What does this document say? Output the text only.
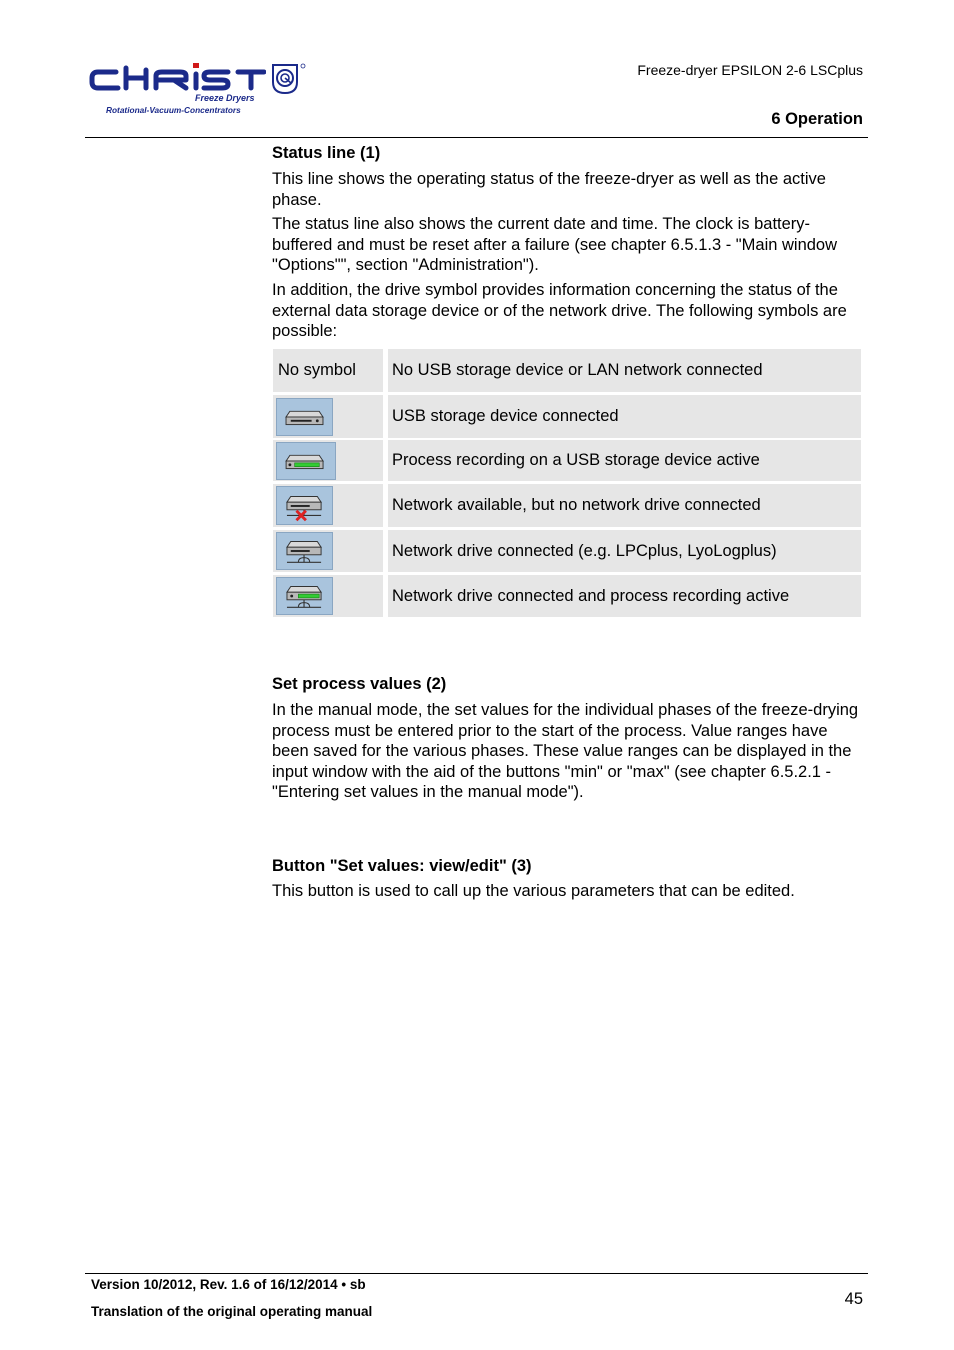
Freeze Dryers
Rotational-Vacuum-Concentrators
Freeze-dryer EPSILON 2-6 LSCplus
6 Operation
Status line (1)

This line shows the operating status of the freeze-dryer as well as the active phase.

The status line also shows the current date and time. The clock is battery-buffered and must be reset after a failure (see chapter 6.5.1.3 - "Main window "Options"", section "Administration").

In addition, the drive symbol provides information concerning the status of the external data storage device or of the network drive. The following symbols are possible:

No symbol No USB storage device or LAN network connected
USB storage device connected
Process recording on a USB storage device active
Network available, but no network drive connected
Network drive connected (e.g. LPCplus, LyoLogplus)
Network drive connected and process recording active
Set process values (2)

In the manual mode, the set values for the individual phases of the freeze-drying process must be entered prior to the start of the process. Value ranges have been saved for the various phases. These value ranges can be displayed in the input window with the aid of the buttons "min" or "max" (see chapter 6.5.2.1 - "Entering set values in the manual mode").

Button "Set values: view/edit" (3)

This button is used to call up the various parameters that can be edited.

Version 10/2012, Rev. 1.6 of 16/12/2014 • sb
Translation of the original operating manual
45
